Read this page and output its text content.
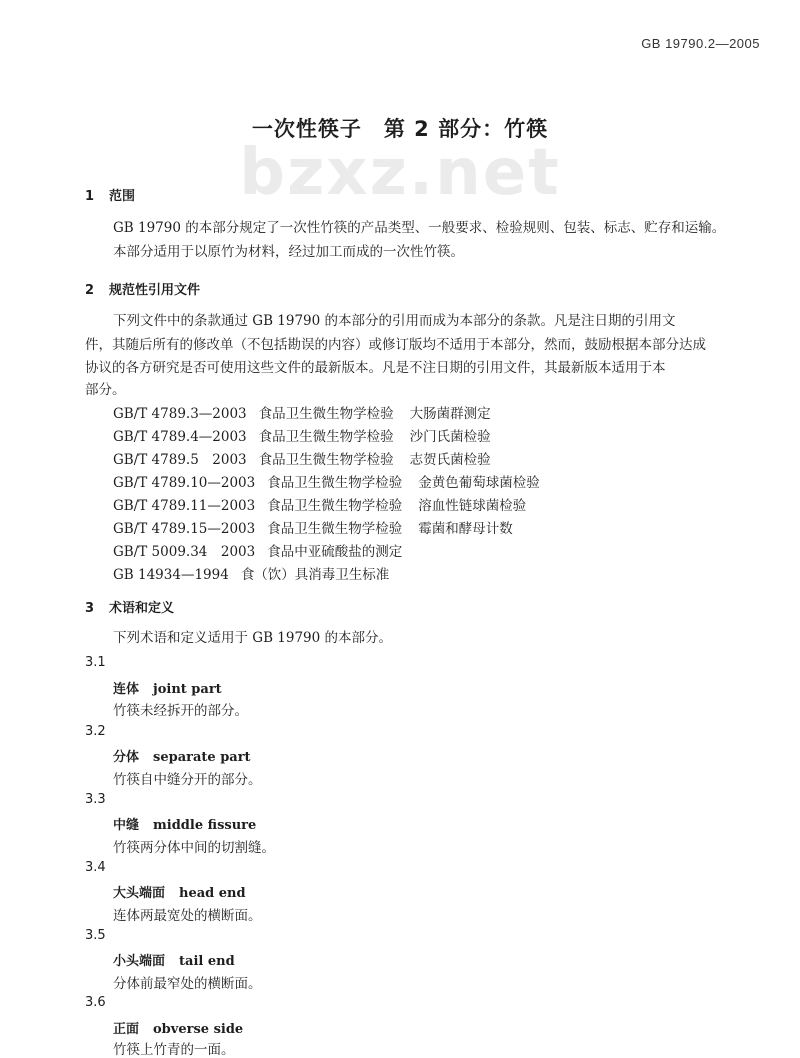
GB 19790.2—2005
bzxz.net
一次性筷子　第 2 部分：竹筷
1 范围
GB 19790 的本部分规定了一次性竹筷的产品类型、一般要求、检验规则、包装、标志、贮存和运输。
本部分适用于以原竹为材料，经过加工而成的一次性竹筷。
2 规范性引用文件
下列文件中的条款通过 GB 19790 的本部分的引用而成为本部分的条款。凡是注日期的引用文
件，其随后所有的修改单（不包括勘误的内容）或修订版均不适用于本部分，然而，鼓励根据本部分达成
协议的各方研究是否可使用这些文件的最新版本。凡是不注日期的引用文件，其最新版本适用于本
部分。
GB/T 4789.3—2003 食品卫生微生物学检验 大肠菌群测定
GB/T 4789.4—2003 食品卫生微生物学检验 沙门氏菌检验
GB/T 4789.5　2003 食品卫生微生物学检验 志贺氏菌检验
GB/T 4789.10—2003 食品卫生微生物学检验 金黄色葡萄球菌检验
GB/T 4789.11—2003 食品卫生微生物学检验 溶血性链球菌检验
GB/T 4789.15—2003 食品卫生微生物学检验 霉菌和酵母计数
GB/T 5009.34　2003 食品中亚硫酸盐的测定
GB 14934—1994 食（饮）具消毒卫生标准
3 术语和定义
下列术语和定义适用于 GB 19790 的本部分。
3.1
连体 joint part
竹筷未经拆开的部分。
3.2
分体 separate part
竹筷自中缝分开的部分。
3.3
中缝 middle fissure
竹筷两分体中间的切割缝。
3.4
大头端面 head end
连体两最宽处的横断面。
3.5
小头端面 tail end
分体前最窄处的横断面。
3.6
正面 obverse side
竹筷上竹青的一面。
